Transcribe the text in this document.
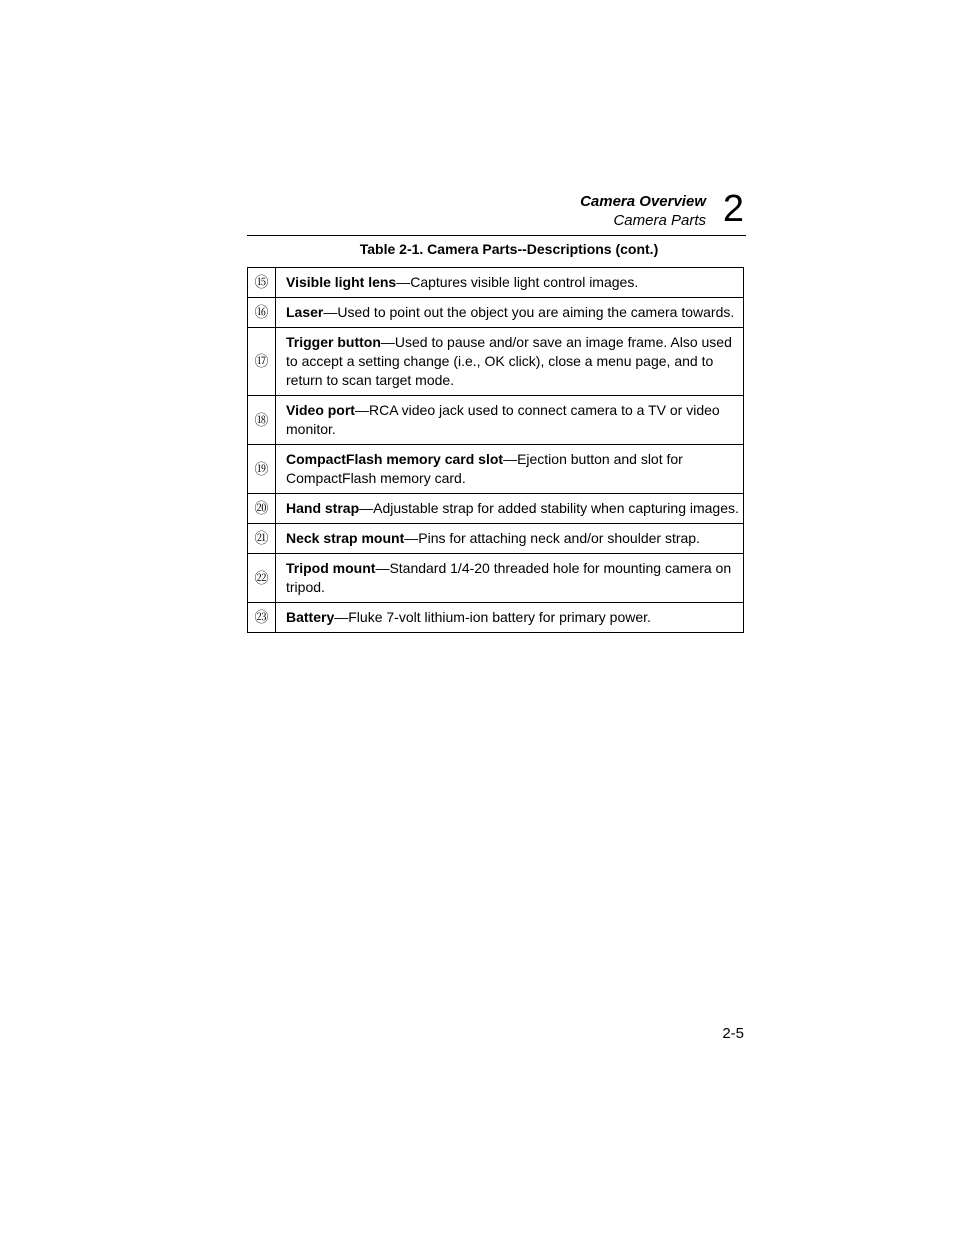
Camera Overview
Camera Parts 2
Table 2-1. Camera Parts--Descriptions (cont.)
⑮	Visible light lens—Captures visible light control images.
⑯	Laser—Used to point out the object you are aiming the camera towards.
⑰	Trigger button—Used to pause and/or save an image frame. Also used to accept a setting change (i.e., OK click), close a menu page, and to return to scan target mode.
⑱	Video port—RCA video jack used to connect camera to a TV or video monitor.
⑲	CompactFlash memory card slot—Ejection button and slot for CompactFlash memory card.
⑳	Hand strap—Adjustable strap for added stability when capturing images.
㉑	Neck strap mount—Pins for attaching neck and/or shoulder strap.
㉒	Tripod mount—Standard 1/4-20 threaded hole for mounting camera on tripod.
㉓	Battery—Fluke 7-volt lithium-ion battery for primary power.
2-5
